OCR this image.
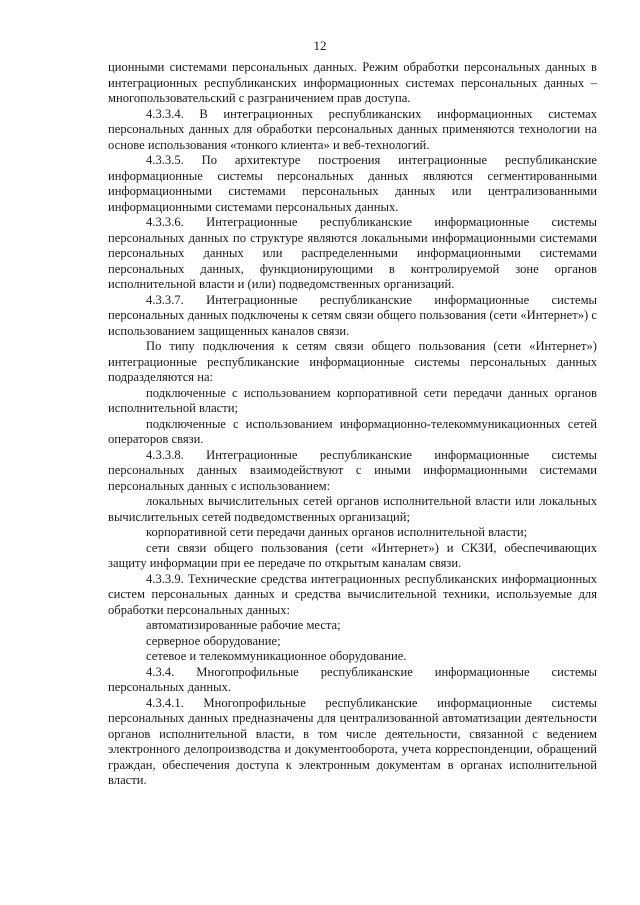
12

ционными системами персональных данных. Режим обработки персональных данных в интеграционных республиканских информационных системах персональных данных – многопользовательский с разграничением прав доступа.

4.3.3.4. В интеграционных республиканских информационных системах персональных данных для обработки персональных данных применяются технологии на основе использования «тонкого клиента» и веб-технологий.

4.3.3.5. По архитектуре построения интеграционные республиканские информационные системы персональных данных являются сегментированными информационными системами персональных данных или централизованными информационными системами персональных данных.

4.3.3.6. Интеграционные республиканские информационные системы персональных данных по структуре являются локальными информационными системами персональных данных или распределенными информационными системами персональных данных, функционирующими в контролируемой зоне органов исполнительной власти и (или) подведомственных организаций.

4.3.3.7. Интеграционные республиканские информационные системы персональных данных подключены к сетям связи общего пользования (сети «Интернет») с использованием защищенных каналов связи.

По типу подключения к сетям связи общего пользования (сети «Интернет») интеграционные республиканские информационные системы персональных данных подразделяются на:

подключенные с использованием корпоративной сети передачи данных органов исполнительной власти;

подключенные с использованием информационно-телекоммуникационных сетей операторов связи.

4.3.3.8. Интеграционные республиканские информационные системы персональных данных взаимодействуют с иными информационными системами персональных данных с использованием:

локальных вычислительных сетей органов исполнительной власти или локальных вычислительных сетей подведомственных организаций;

корпоративной сети передачи данных органов исполнительной власти;

сети связи общего пользования (сети «Интернет») и СКЗИ, обеспечивающих защиту информации при ее передаче по открытым каналам связи.

4.3.3.9. Технические средства интеграционных республиканских информационных систем персональных данных и средства вычислительной техники, используемые для обработки персональных данных:

автоматизированные рабочие места;

серверное оборудование;

сетевое и телекоммуникационное оборудование.

4.3.4. Многопрофильные республиканские информационные системы персональных данных.

4.3.4.1. Многопрофильные республиканские информационные системы персональных данных предназначены для централизованной автоматизации деятельности органов исполнительной власти, в том числе деятельности, связанной с ведением электронного делопроизводства и документооборота, учета корреспонденции, обращений граждан, обеспечения доступа к электронным документам в органах исполнительной власти.
